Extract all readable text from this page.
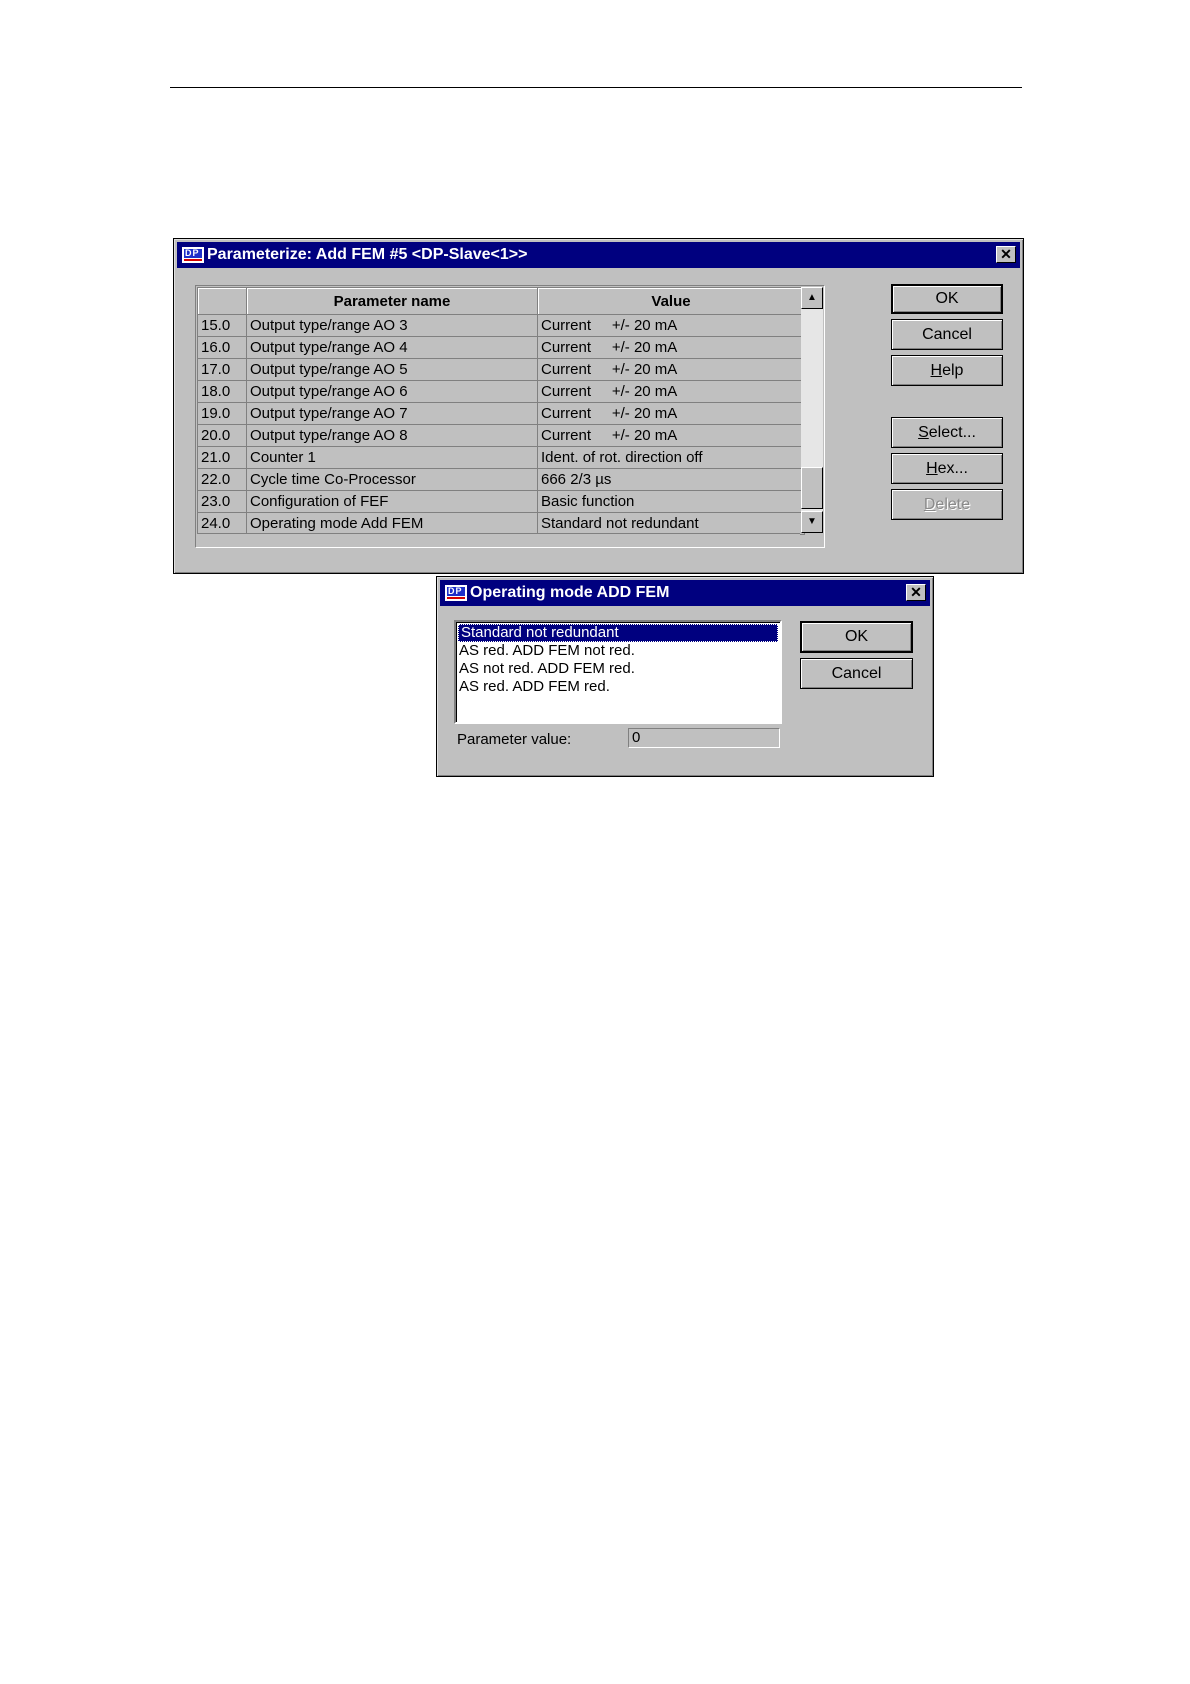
DP Parameterize: Add FEM #5 <DP-Slave<1>>	✕
	Parameter name	Value
15.0	Output type/range AO 3	Current     +/- 20 mA
16.0	Output type/range AO 4	Current     +/- 20 mA
17.0	Output type/range AO 5	Current     +/- 20 mA
18.0	Output type/range AO 6	Current     +/- 20 mA
19.0	Output type/range AO 7	Current     +/- 20 mA
20.0	Output type/range AO 8	Current     +/- 20 mA
21.0	Counter 1	Ident. of rot. direction off
22.0	Cycle time Co-Processor	666 2/3 µs
23.0	Configuration of FEF	Basic function
24.0	Operating mode Add FEM	Standard not redundant
▲
▼
OK
Cancel
Help
Select...
Hex...
Delete
DP Operating mode ADD FEM	✕
Standard not redundant
AS red. ADD FEM not red.
AS not red. ADD FEM red.
AS red. ADD FEM red.
OK
Cancel
Parameter value:	0
